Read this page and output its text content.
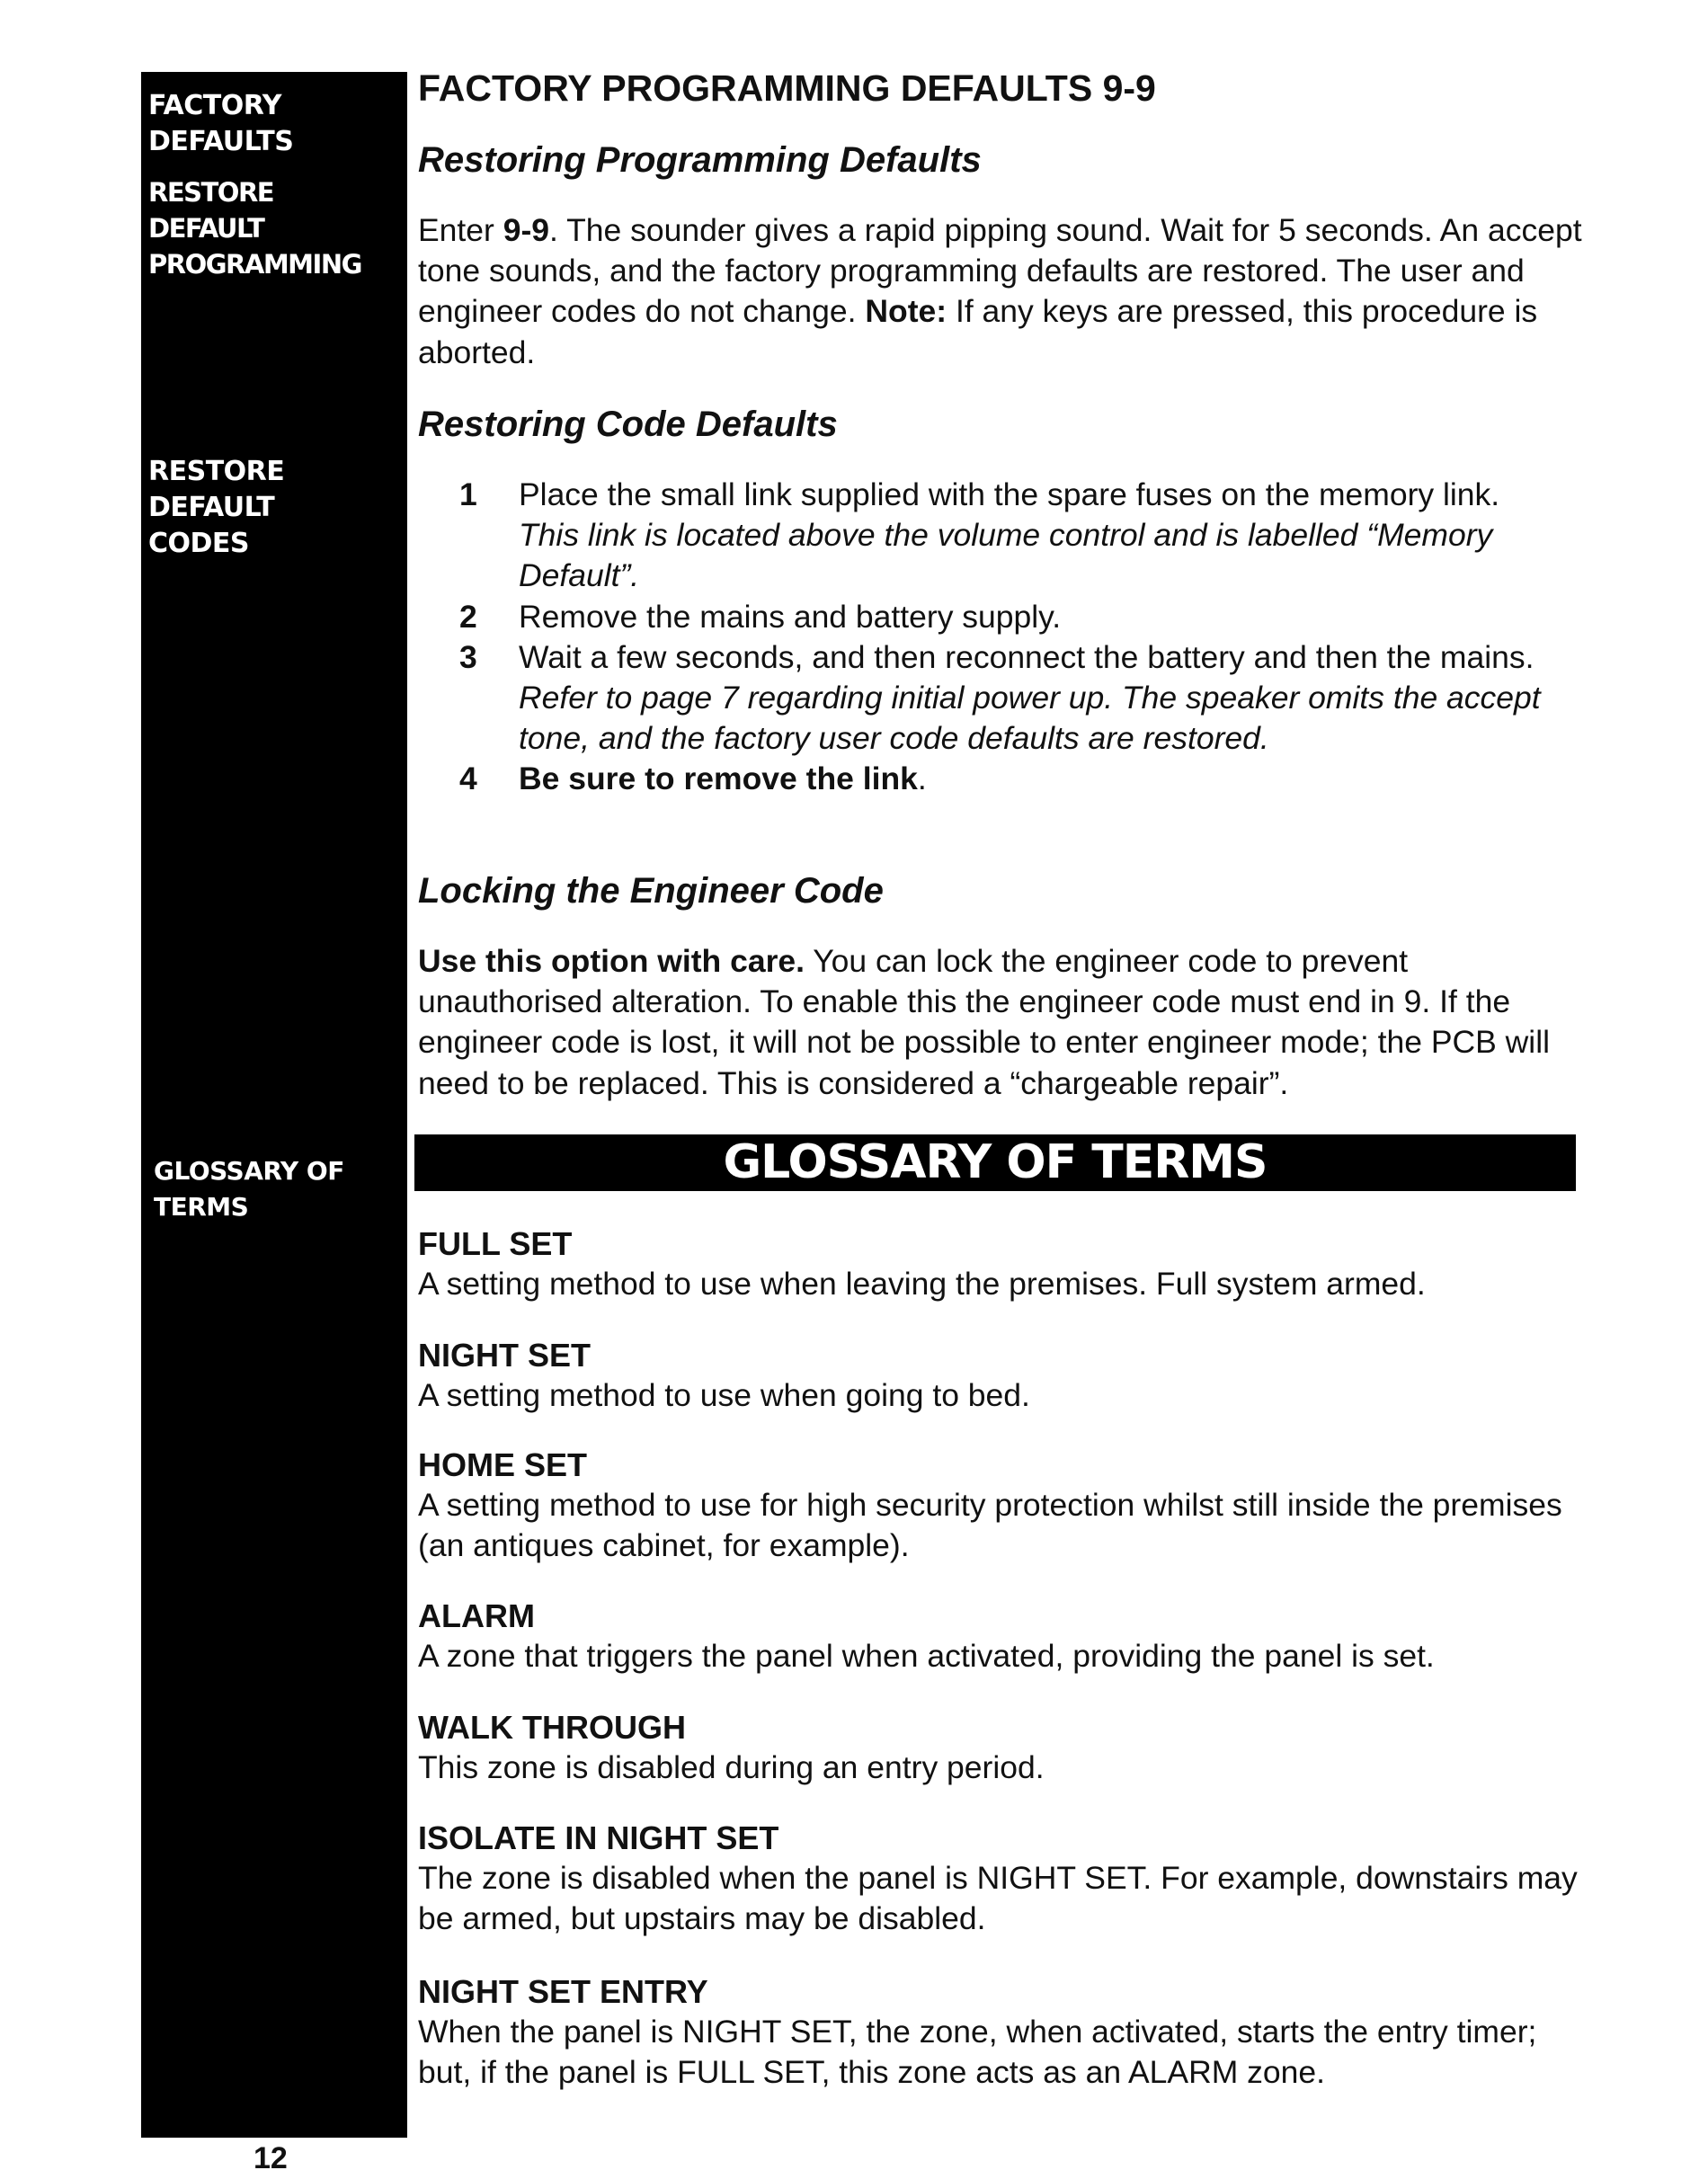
FACTORY
DEFAULTS
RESTORE
DEFAULT
PROGRAMMING
RESTORE
DEFAULT
CODES
GLOSSARY OF
TERMS
FACTORY PROGRAMMING DEFAULTS 9-9
Restoring Programming Defaults
Enter 9-9. The sounder gives a rapid pipping sound. Wait for 5 seconds. An accept tone sounds, and the factory programming defaults are restored. The user and engineer codes do not change. Note: If any keys are pressed, this procedure is aborted.
Restoring Code Defaults
1 Place the small link supplied with the spare fuses on the memory link.
This link is located above the volume control and is labelled “Memory Default”.
2 Remove the mains and battery supply.
3 Wait a few seconds, and then reconnect the battery and then the mains.
Refer to page 7 regarding initial power up. The speaker omits the accept tone, and the factory user code defaults are restored.
4 Be sure to remove the link.
Locking the Engineer Code
Use this option with care. You can lock the engineer code to prevent unauthorised alteration. To enable this the engineer code must end in 9. If the engineer code is lost, it will not be possible to enter engineer mode; the PCB will need to be replaced. This is considered a “chargeable repair”.
GLOSSARY OF TERMS
FULL SET
A setting method to use when leaving the premises. Full system armed.
NIGHT SET
A setting method to use when going to bed.
HOME SET
A setting method to use for high security protection whilst still inside the premises (an antiques cabinet, for example).
ALARM
A zone that triggers the panel when activated, providing the panel is set.
WALK THROUGH
This zone is disabled during an entry period.
ISOLATE IN NIGHT SET
The zone is disabled when the panel is NIGHT SET. For example, downstairs may be armed, but upstairs may be disabled.
NIGHT SET ENTRY
When the panel is NIGHT SET, the zone, when activated, starts the entry timer; but, if the panel is FULL SET, this zone acts as an ALARM zone.
12
